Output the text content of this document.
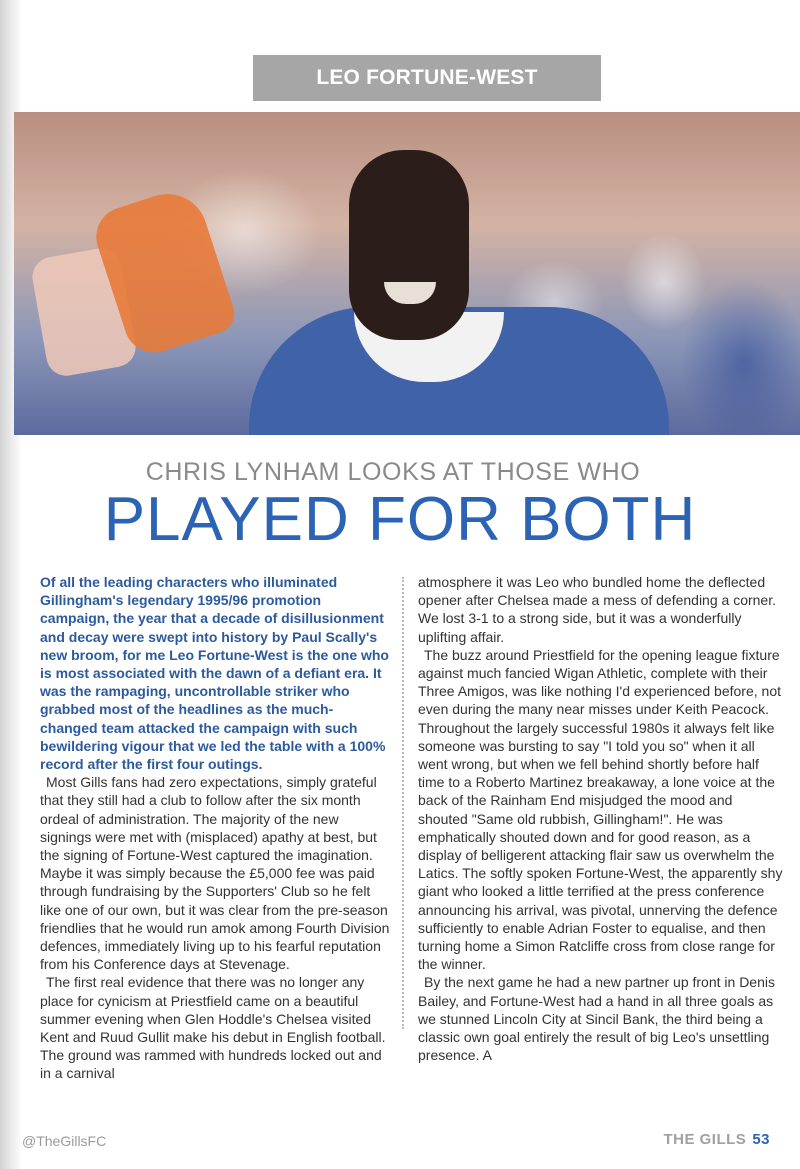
LEO FORTUNE-WEST
CHRIS LYNHAM LOOKS AT THOSE WHO
PLAYED FOR BOTH

Of all the leading characters who illuminated Gillingham's legendary 1995/96 promotion campaign, the year that a decade of disillusionment and decay were swept into history by Paul Scally's new broom, for me Leo Fortune-West is the one who is most associated with the dawn of a defiant era. It was the rampaging, uncontrollable striker who grabbed most of the headlines as the much-changed team attacked the campaign with such bewildering vigour that we led the table with a 100% record after the first four outings.

Most Gills fans had zero expectations, simply grateful that they still had a club to follow after the six month ordeal of administration. The majority of the new signings were met with (misplaced) apathy at best, but the signing of Fortune-West captured the imagination. Maybe it was simply because the £5,000 fee was paid through fundraising by the Supporters' Club so he felt like one of our own, but it was clear from the pre-season friendlies that he would run amok among Fourth Division defences, immediately living up to his fearful reputation from his Conference days at Stevenage.

The first real evidence that there was no longer any place for cynicism at Priestfield came on a beautiful summer evening when Glen Hoddle's Chelsea visited Kent and Ruud Gullit make his debut in English football. The ground was rammed with hundreds locked out and in a carnival

atmosphere it was Leo who bundled home the deflected opener after Chelsea made a mess of defending a corner. We lost 3-1 to a strong side, but it was a wonderfully uplifting affair.

The buzz around Priestfield for the opening league fixture against much fancied Wigan Athletic, complete with their Three Amigos, was like nothing I'd experienced before, not even during the many near misses under Keith Peacock. Throughout the largely successful 1980s it always felt like someone was bursting to say "I told you so" when it all went wrong, but when we fell behind shortly before half time to a Roberto Martinez breakaway, a lone voice at the back of the Rainham End misjudged the mood and shouted "Same old rubbish, Gillingham!". He was emphatically shouted down and for good reason, as a display of belligerent attacking flair saw us overwhelm the Latics. The softly spoken Fortune-West, the apparently shy giant who looked a little terrified at the press conference announcing his arrival, was pivotal, unnerving the defence sufficiently to enable Adrian Foster to equalise, and then turning home a Simon Ratcliffe cross from close range for the winner.

By the next game he had a new partner up front in Denis Bailey, and Fortune-West had a hand in all three goals as we stunned Lincoln City at Sincil Bank, the third being a classic own goal entirely the result of big Leo's unsettling presence. A

@TheGillsFC	THE GILLS 53
